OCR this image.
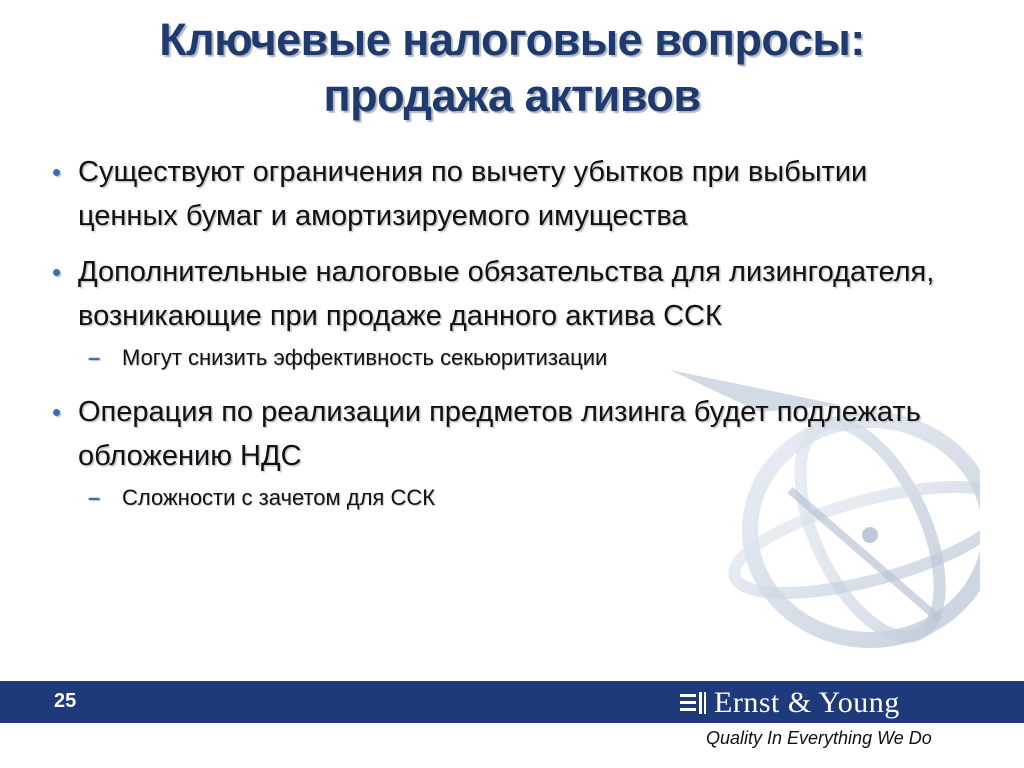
Ключевые налоговые вопросы:
продажа активов
• Существуют ограничения по вычету убытков при выбытии ценных бумаг и амортизируемого имущества
• Дополнительные налоговые обязательства для лизингодателя, возникающие при продаже данного актива ССК
– Могут снизить эффективность секьюритизации
• Операция по реализации предметов лизинга будет подлежать обложению НДС
– Сложности с зачетом для ССК
25	Ernst & Young
Quality In Everything We Do
